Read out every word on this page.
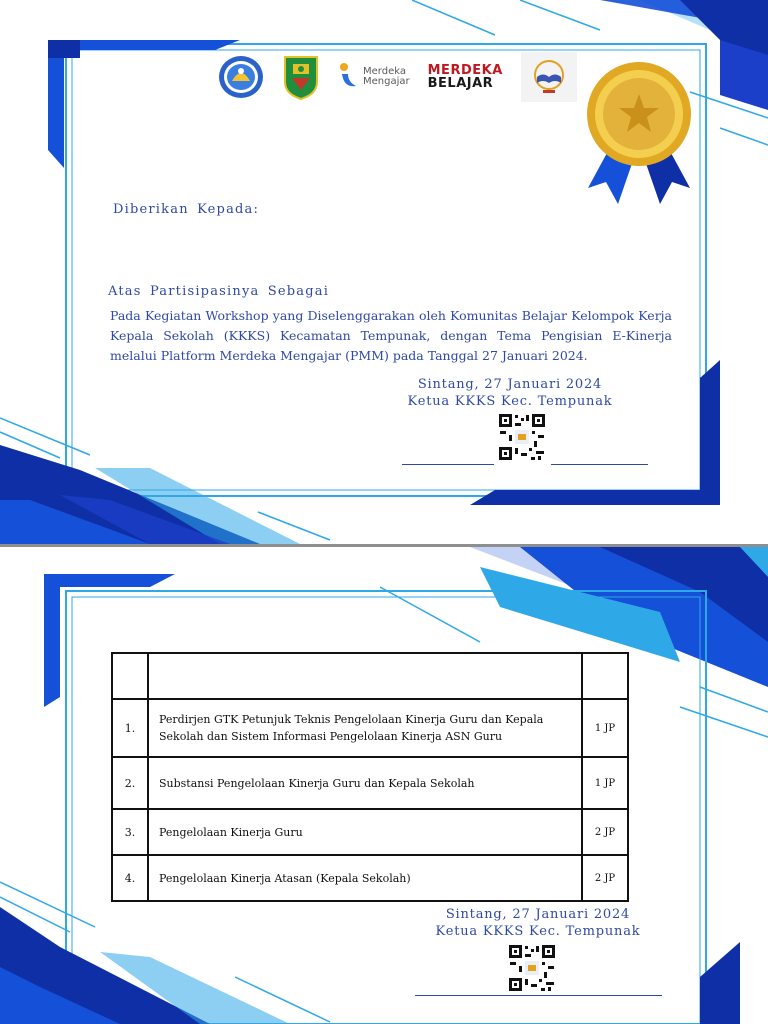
Merdeka
Mengajar
MERDEKA
BELAJAR
Diberikan Kepada:
Atas Partisipasinya Sebagai

Pada Kegiatan Workshop yang Diselenggarakan oleh Komunitas Belajar Kelompok Kerja Kepala Sekolah (KKKS) Kecamatan Tempunak, dengan Tema Pengisian E-Kinerja melalui Platform Merdeka Mengajar (PMM) pada Tanggal 27 Januari 2024.

Sintang, 27 Januari 2024
Ketua KKKS Kec. Tempunak

1.	Perdirjen GTK Petunjuk Teknis Pengelolaan Kinerja Guru dan Kepala Sekolah dan Sistem Informasi Pengelolaan Kinerja ASN Guru	1 JP
2.	Substansi Pengelolaan Kinerja Guru dan Kepala Sekolah	1 JP
3.	Pengelolaan Kinerja Guru	2 JP
4.	Pengelolaan Kinerja Atasan (Kepala Sekolah)	2 JP
Sintang, 27 Januari 2024
Ketua KKKS Kec. Tempunak
